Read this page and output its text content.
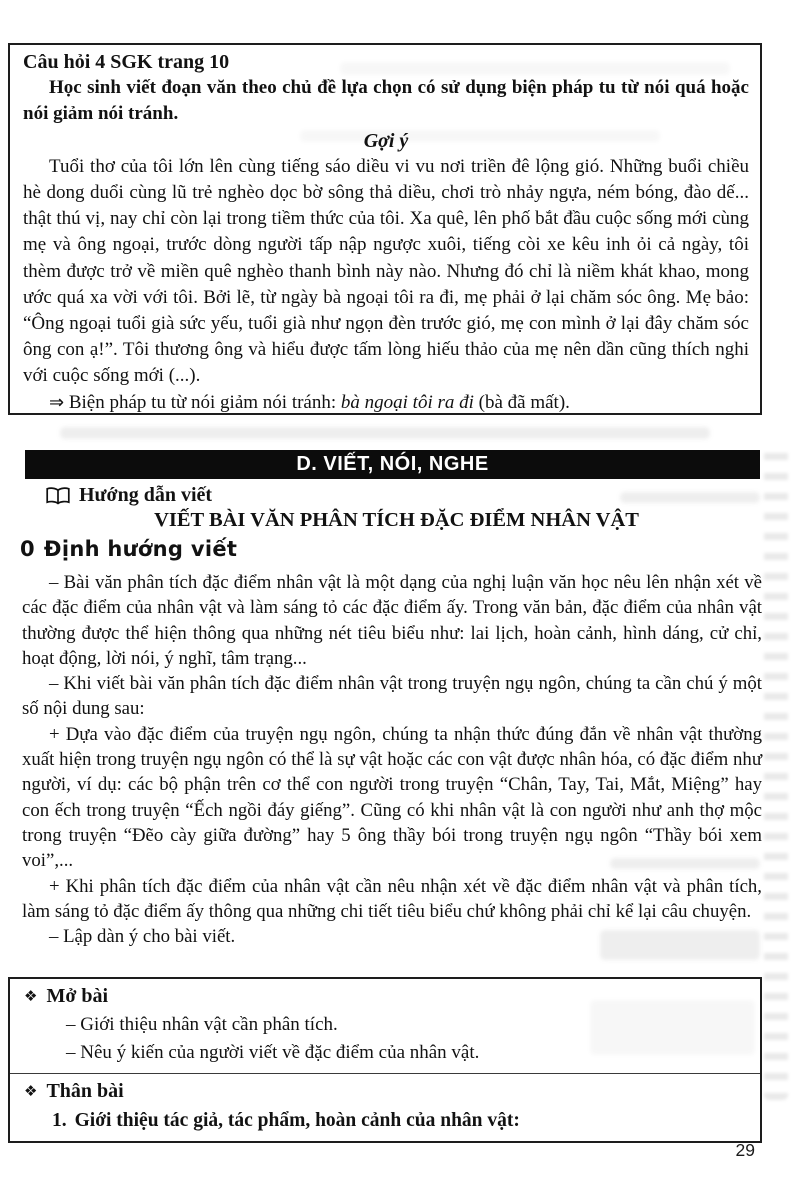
Câu hỏi 4 SGK trang 10

Học sinh viết đoạn văn theo chủ đề lựa chọn có sử dụng biện pháp tu từ nói quá hoặc nói giảm nói tránh.

Gợi ý

Tuổi thơ của tôi lớn lên cùng tiếng sáo diều vi vu nơi triền đê lộng gió. Những buổi chiều hè dong duổi cùng lũ trẻ nghèo dọc bờ sông thả diều, chơi trò nhảy ngựa, ném bóng, đào dế... thật thú vị, nay chỉ còn lại trong tiềm thức của tôi. Xa quê, lên phố bắt đầu cuộc sống mới cùng mẹ và ông ngoại, trước dòng người tấp nập ngược xuôi, tiếng còi xe kêu inh ỏi cả ngày, tôi thèm được trở về miền quê nghèo thanh bình này nào. Nhưng đó chỉ là niềm khát khao, mong ước quá xa vời với tôi. Bởi lẽ, từ ngày bà ngoại tôi ra đi, mẹ phải ở lại chăm sóc ông. Mẹ bảo: “Ông ngoại tuổi già sức yếu, tuổi già như ngọn đèn trước gió, mẹ con mình ở lại đây chăm sóc ông con ạ!”. Tôi thương ông và hiểu được tấm lòng hiếu thảo của mẹ nên dần cũng thích nghi với cuộc sống mới (...).

⇒ Biện pháp tu từ nói giảm nói tránh: bà ngoại tôi ra đi (bà đã mất).

D. VIẾT, NÓI, NGHE
Hướng dẫn viết
VIẾT BÀI VĂN PHÂN TÍCH ĐẶC ĐIỂM NHÂN VẬT
0 Định hướng viết

– Bài văn phân tích đặc điểm nhân vật là một dạng của nghị luận văn học nêu lên nhận xét về các đặc điểm của nhân vật và làm sáng tỏ các đặc điểm ấy. Trong văn bản, đặc điểm của nhân vật thường được thể hiện thông qua những nét tiêu biểu như: lai lịch, hoàn cảnh, hình dáng, cử chỉ, hoạt động, lời nói, ý nghĩ, tâm trạng...

– Khi viết bài văn phân tích đặc điểm nhân vật trong truyện ngụ ngôn, chúng ta cần chú ý một số nội dung sau:

+ Dựa vào đặc điểm của truyện ngụ ngôn, chúng ta nhận thức đúng đắn về nhân vật thường xuất hiện trong truyện ngụ ngôn có thể là sự vật hoặc các con vật được nhân hóa, có đặc điểm như người, ví dụ: các bộ phận trên cơ thể con người trong truyện “Chân, Tay, Tai, Mắt, Miệng” hay con ếch trong truyện “Ếch ngồi đáy giếng”. Cũng có khi nhân vật là con người như anh thợ mộc trong truyện “Đẽo cày giữa đường” hay 5 ông thầy bói trong truyện ngụ ngôn “Thầy bói xem voi”,...

+ Khi phân tích đặc điểm của nhân vật cần nêu nhận xét về đặc điểm nhân vật và phân tích, làm sáng tỏ đặc điểm ấy thông qua những chi tiết tiêu biểu chứ không phải chỉ kể lại câu chuyện.

– Lập dàn ý cho bài viết.

❖ Mở bài
– Giới thiệu nhân vật cần phân tích.
– Nêu ý kiến của người viết về đặc điểm của nhân vật.
❖ Thân bài
1. Giới thiệu tác giả, tác phẩm, hoàn cảnh của nhân vật:
29
